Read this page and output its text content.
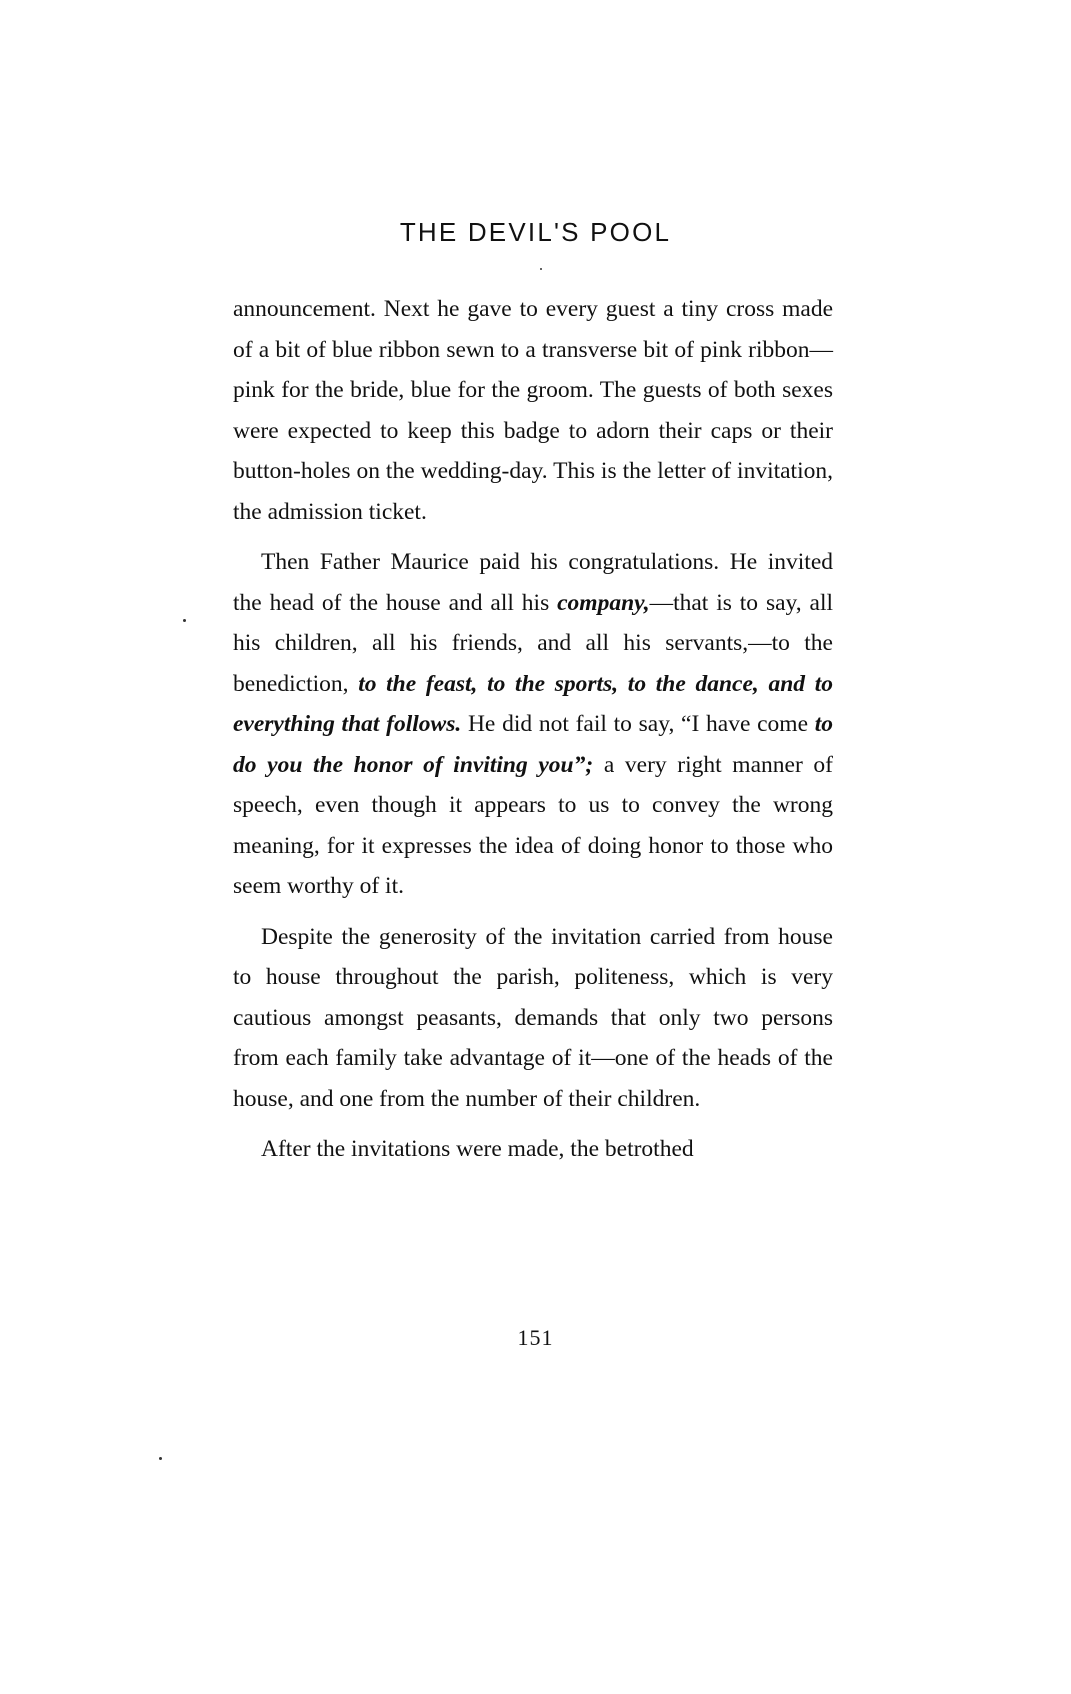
THE DEVIL'S POOL

announcement. Next he gave to every guest a tiny cross made of a bit of blue ribbon sewn to a transverse bit of pink ribbon—pink for the bride, blue for the groom. The guests of both sexes were expected to keep this badge to adorn their caps or their button-holes on the wedding-day. This is the letter of invitation, the admission ticket.

Then Father Maurice paid his congratulations. He invited the head of the house and all his company,—that is to say, all his children, all his friends, and all his servants,—to the benediction, to the feast, to the sports, to the dance, and to everything that follows. He did not fail to say, “I have come to do you the honor of inviting you”; a very right manner of speech, even though it appears to us to convey the wrong meaning, for it expresses the idea of doing honor to those who seem worthy of it.

Despite the generosity of the invitation carried from house to house throughout the parish, politeness, which is very cautious amongst peasants, demands that only two persons from each family take advantage of it—one of the heads of the house, and one from the number of their children.

After the invitations were made, the betrothed

151
